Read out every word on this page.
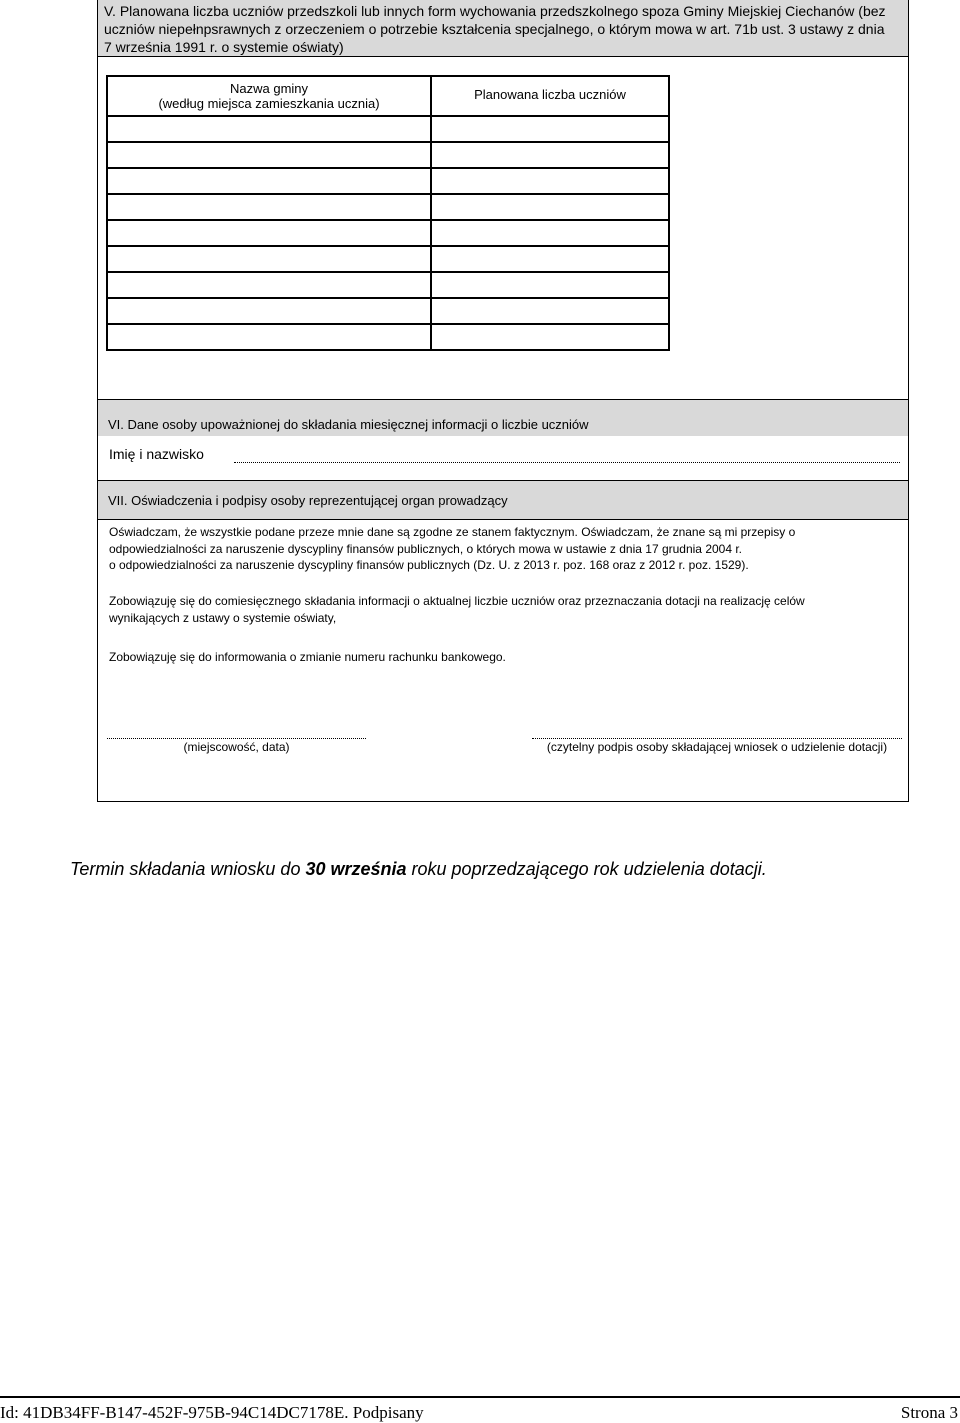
V. Planowana liczba uczniów przedszkoli lub innych form wychowania przedszkolnego spoza Gminy Miejskiej Ciechanów (bez
uczniów niepełnpsrawnych z orzeczeniem o potrzebie kształcenia specjalnego, o którym mowa w art. 71b ust. 3 ustawy z dnia
7 września 1991 r. o systemie oświaty)
Nazwa gminy
(według miejsca zamieszkania ucznia)	Planowana liczba uczniów

VI. Dane osoby upoważnionej do składania miesięcznej informacji o liczbie uczniów
Imię i nazwisko
VII. Oświadczenia i podpisy osoby reprezentującej organ prowadzący
Oświadczam, że wszystkie podane przeze mnie dane są zgodne ze stanem faktycznym. Oświadczam, że znane są mi przepisy o
odpowiedzialności za naruszenie dyscypliny finansów publicznych, o których mowa w ustawie z dnia 17 grudnia 2004 r.
o odpowiedzialności za naruszenie dyscypliny finansów publicznych (Dz. U. z 2013 r. poz. 168 oraz z 2012 r. poz. 1529).
Zobowiązuję się do comiesięcznego składania informacji o aktualnej liczbie uczniów oraz przeznaczania dotacji na realizację celów
wynikających z ustawy o systemie oświaty,
Zobowiązuję się do informowania o zmianie numeru rachunku bankowego.
(miejscowość, data)	(czytelny podpis osoby składającej wniosek o udzielenie dotacji)
Termin składania wniosku do 30 września roku poprzedzającego rok udzielenia dotacji.
Id: 41DB34FF-B147-452F-975B-94C14DC7178E. Podpisany	Strona 3
